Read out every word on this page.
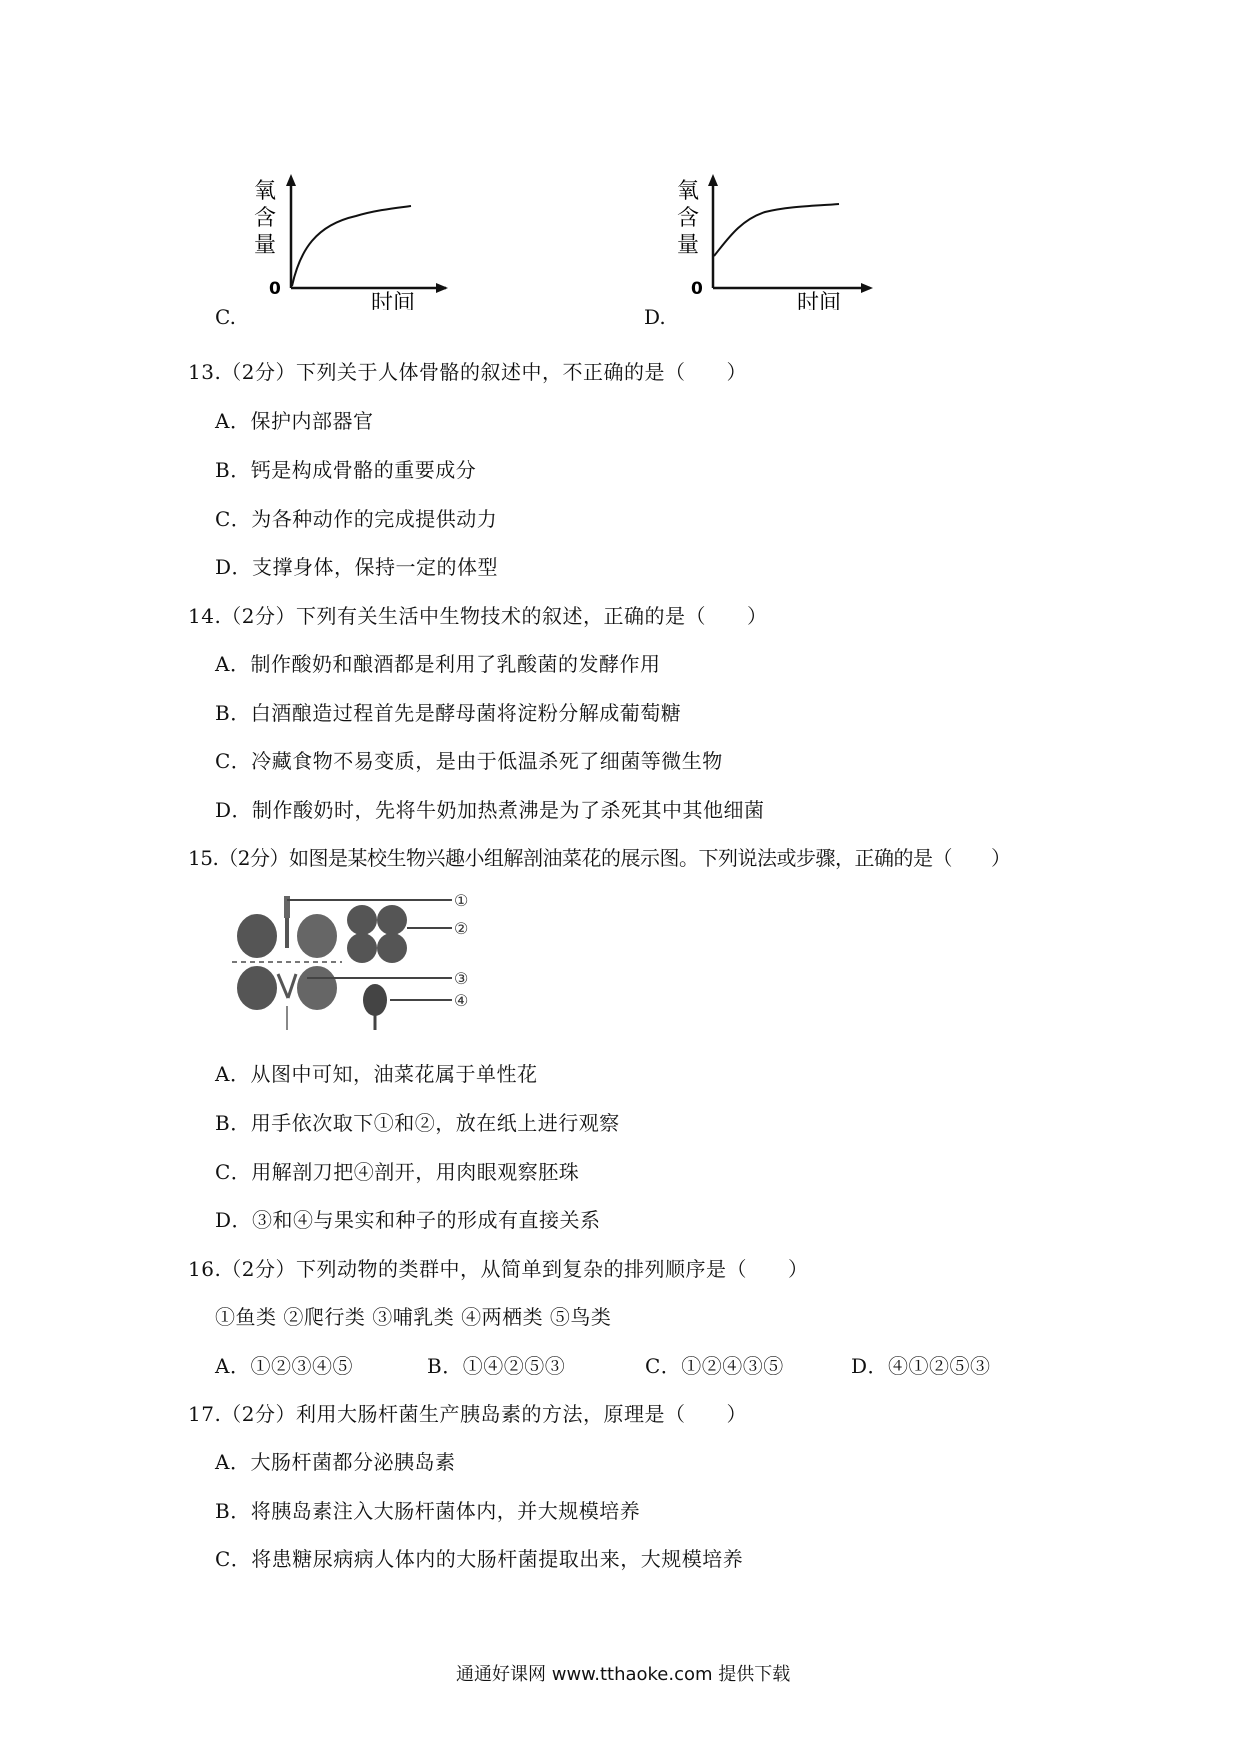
氧
含
量
0
时间
C.
氧
含
量
0
时间
D.
13.（2分）下列关于人体骨骼的叙述中，不正确的是（　　）
A．保护内部器官
B．钙是构成骨骼的重要成分
C．为各种动作的完成提供动力
D．支撑身体，保持一定的体型
14.（2分）下列有关生活中生物技术的叙述，正确的是（　　）
A．制作酸奶和酿酒都是利用了乳酸菌的发酵作用
B．白酒酿造过程首先是酵母菌将淀粉分解成葡萄糖
C．冷藏食物不易变质，是由于低温杀死了细菌等微生物
D．制作酸奶时，先将牛奶加热煮沸是为了杀死其中其他细菌
15.（2分）如图是某校生物兴趣小组解剖油菜花的展示图。下列说法或步骤，正确的是（　　）
①
②
③
④
A．从图中可知，油菜花属于单性花
B．用手依次取下①和②，放在纸上进行观察
C．用解剖刀把④剖开，用肉眼观察胚珠
D．③和④与果实和种子的形成有直接关系
16.（2分）下列动物的类群中，从简单到复杂的排列顺序是（　　）
①鱼类 ②爬行类 ③哺乳类 ④两栖类 ⑤鸟类
A．①②③④⑤	B．①④②⑤③	C．①②④③⑤	D．④①②⑤③
17.（2分）利用大肠杆菌生产胰岛素的方法，原理是（　　）
A．大肠杆菌都分泌胰岛素
B．将胰岛素注入大肠杆菌体内，并大规模培养
C．将患糖尿病病人体内的大肠杆菌提取出来，大规模培养
通通好课网 www.tthaoke.com 提供下载
